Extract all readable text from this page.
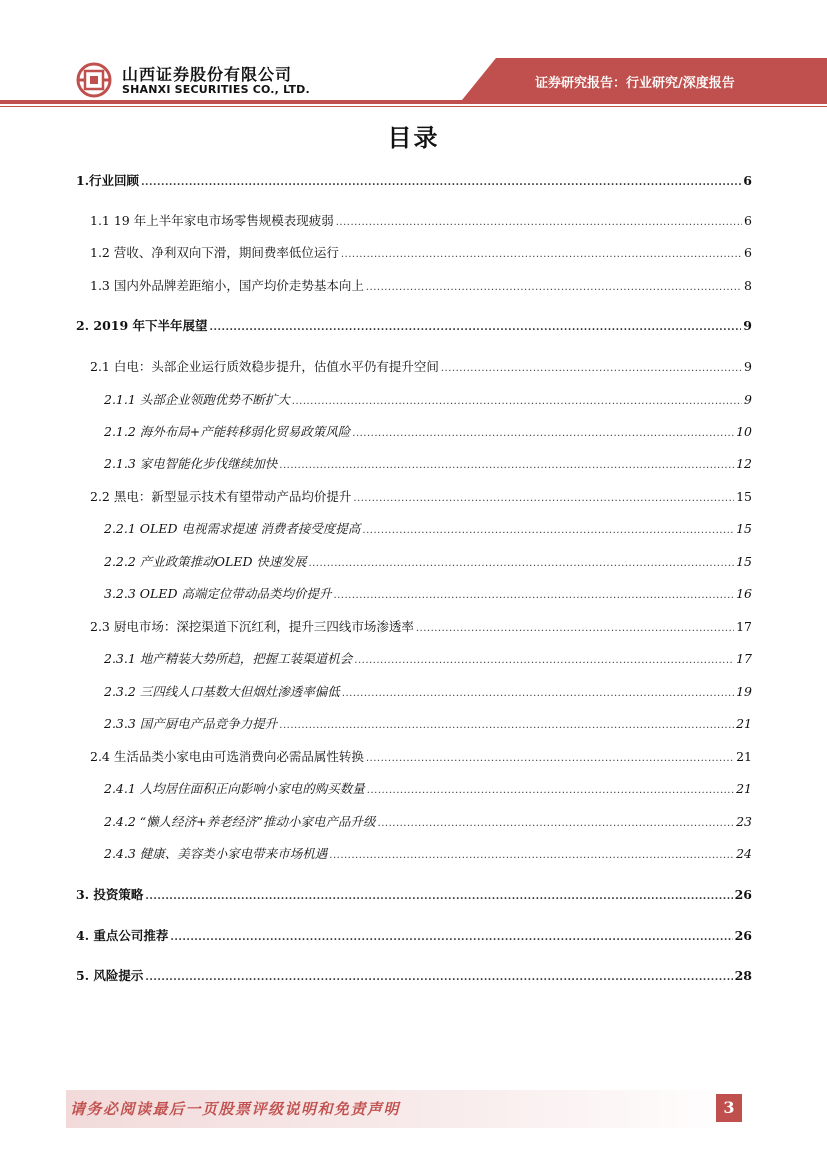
山西证券股份有限公司
SHANXI SECURITIES CO., LTD.	证券研究报告：行业研究/深度报告
目录
1.行业回顾 .....	6
1.1 19 年上半年家电市场零售规模表现疲弱 .....	6
1.2 营收、净利双向下滑，期间费率低位运行 .....	6
1.3 国内外品牌差距缩小，国产均价走势基本向上 .....	8
2. 2019 年下半年展望 .....	9
2.1 白电：头部企业运行质效稳步提升，估值水平仍有提升空间 .....	9
2.1.1 头部企业领跑优势不断扩大 .....	9
2.1.2 海外布局+产能转移弱化贸易政策风险 .....	10
2.1.3 家电智能化步伐继续加快 .....	12
2.2 黑电：新型显示技术有望带动产品均价提升 .....	15
2.2.1 OLED 电视需求提速 消费者接受度提高 .....	15
2.2.2 产业政策推动OLED 快速发展 .....	15
3.2.3 OLED 高端定位带动品类均价提升 .....	16
2.3 厨电市场：深挖渠道下沉红利，提升三四线市场渗透率 .....	17
2.3.1 地产精装大势所趋，把握工装渠道机会 .....	17
2.3.2 三四线人口基数大但烟灶渗透率偏低 .....	19
2.3.3 国产厨电产品竞争力提升 .....	21
2.4 生活品类小家电由可选消费向必需品属性转换 .....	21
2.4.1 人均居住面积正向影响小家电的购买数量 .....	21
2.4.2 “懒人经济+养老经济”推动小家电产品升级 .....	23
2.4.3 健康、美容类小家电带来市场机遇 .....	24
3. 投资策略 .....	26
4. 重点公司推荐 .....	26
5. 风险提示 .....	28
请务必阅读最后一页股票评级说明和免责声明	3
